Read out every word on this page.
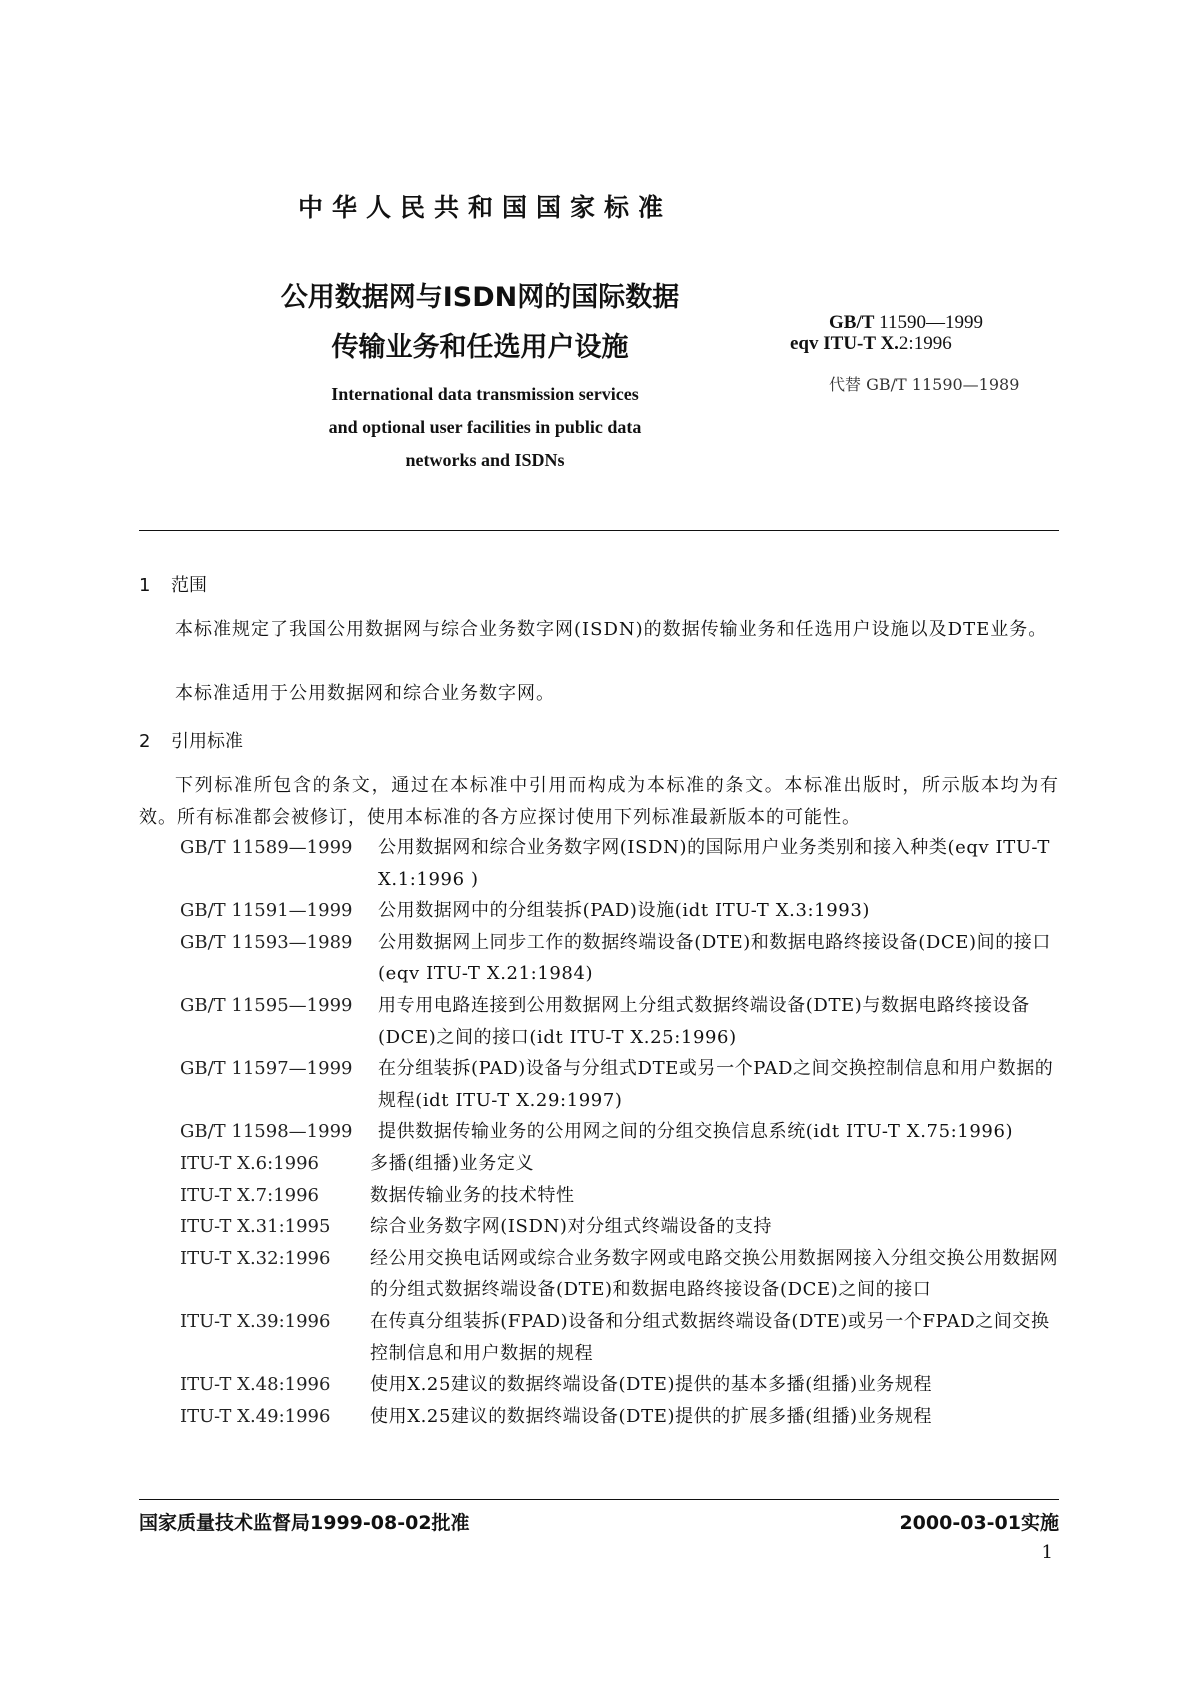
中华人民共和国国家标准
公用数据网与ISDN网的国际数据
传输业务和任选用户设施
GB/T 11590—1999
eqv ITU-T X.2:1996
代替 GB/T 11590—1989
International data transmission services
and optional user facilities in public data
networks and ISDNs
1 范围
本标准规定了我国公用数据网与综合业务数字网(ISDN)的数据传输业务和任选用户设施以及DTE业务。
本标准适用于公用数据网和综合业务数字网。
2 引用标准
下列标准所包含的条文，通过在本标准中引用而构成为本标准的条文。本标准出版时，所示版本均为有效。所有标准都会被修订，使用本标准的各方应探讨使用下列标准最新版本的可能性。
GB/T 11589—1999	公用数据网和综合业务数字网(ISDN)的国际用户业务类别和接入种类(eqv ITU-T X.1:1996 )
GB/T 11591—1999	公用数据网中的分组装拆(PAD)设施(idt ITU-T X.3:1993)
GB/T 11593—1989	公用数据网上同步工作的数据终端设备(DTE)和数据电路终接设备(DCE)间的接口(eqv ITU-T X.21:1984)
GB/T 11595—1999	用专用电路连接到公用数据网上分组式数据终端设备(DTE)与数据电路终接设备(DCE)之间的接口(idt ITU-T X.25:1996)
GB/T 11597—1999	在分组装拆(PAD)设备与分组式DTE或另一个PAD之间交换控制信息和用户数据的规程(idt ITU-T X.29:1997)
GB/T 11598—1999	提供数据传输业务的公用网之间的分组交换信息系统(idt ITU-T X.75:1996)
ITU-T X.6:1996	多播(组播)业务定义
ITU-T X.7:1996	数据传输业务的技术特性
ITU-T X.31:1995	综合业务数字网(ISDN)对分组式终端设备的支持
ITU-T X.32:1996	经公用交换电话网或综合业务数字网或电路交换公用数据网接入分组交换公用数据网的分组式数据终端设备(DTE)和数据电路终接设备(DCE)之间的接口
ITU-T X.39:1996	在传真分组装拆(FPAD)设备和分组式数据终端设备(DTE)或另一个FPAD之间交换控制信息和用户数据的规程
ITU-T X.48:1996	使用X.25建议的数据终端设备(DTE)提供的基本多播(组播)业务规程
ITU-T X.49:1996	使用X.25建议的数据终端设备(DTE)提供的扩展多播(组播)业务规程
国家质量技术监督局1999-08-02批准	2000-03-01实施
1
